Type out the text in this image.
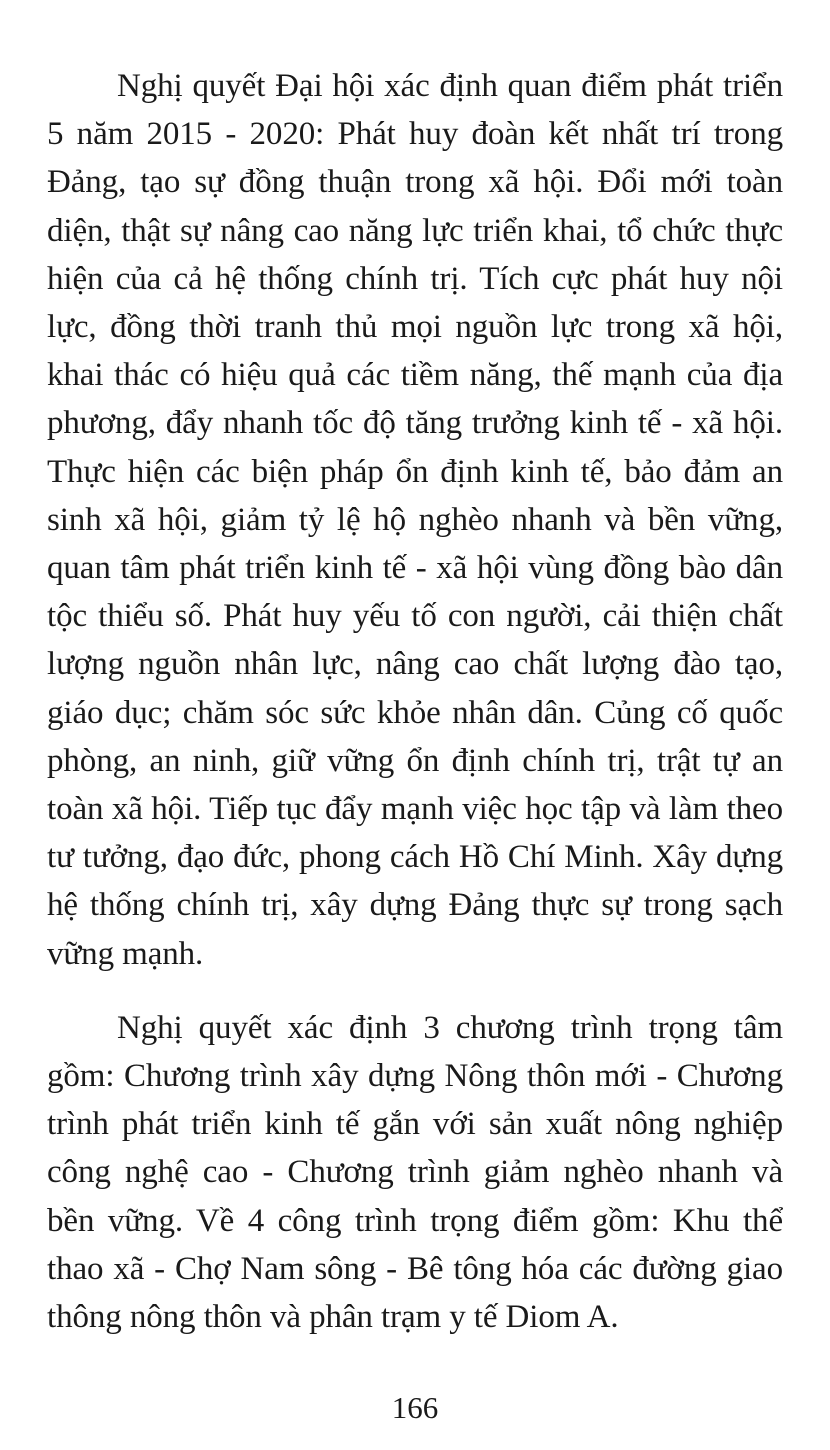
Nghị quyết Đại hội xác định quan điểm phát triển 5 năm 2015 - 2020: Phát huy đoàn kết nhất trí trong Đảng, tạo sự đồng thuận trong xã hội. Đổi mới toàn diện, thật sự nâng cao năng lực triển khai, tổ chức thực hiện của cả hệ thống chính trị. Tích cực phát huy nội lực, đồng thời tranh thủ mọi nguồn lực trong xã hội, khai thác có hiệu quả các tiềm năng, thế mạnh của địa phương, đẩy nhanh tốc độ tăng trưởng kinh tế - xã hội. Thực hiện các biện pháp ổn định kinh tế, bảo đảm an sinh xã hội, giảm tỷ lệ hộ nghèo nhanh và bền vững, quan tâm phát triển kinh tế - xã hội vùng đồng bào dân tộc thiểu số. Phát huy yếu tố con người, cải thiện chất lượng nguồn nhân lực, nâng cao chất lượng đào tạo, giáo dục; chăm sóc sức khỏe nhân dân. Củng cố quốc phòng, an ninh, giữ vững ổn định chính trị, trật tự an toàn xã hội. Tiếp tục đẩy mạnh việc học tập và làm theo tư tưởng, đạo đức, phong cách Hồ Chí Minh. Xây dựng hệ thống chính trị, xây dựng Đảng thực sự trong sạch vững mạnh.

Nghị quyết xác định 3 chương trình trọng tâm gồm: Chương trình xây dựng Nông thôn mới - Chương trình phát triển kinh tế gắn với sản xuất nông nghiệp công nghệ cao - Chương trình giảm nghèo nhanh và bền vững. Về 4 công trình trọng điểm gồm: Khu thể thao xã - Chợ Nam sông - Bê tông hóa các đường giao thông nông thôn và phân trạm y tế Diom A.

166
